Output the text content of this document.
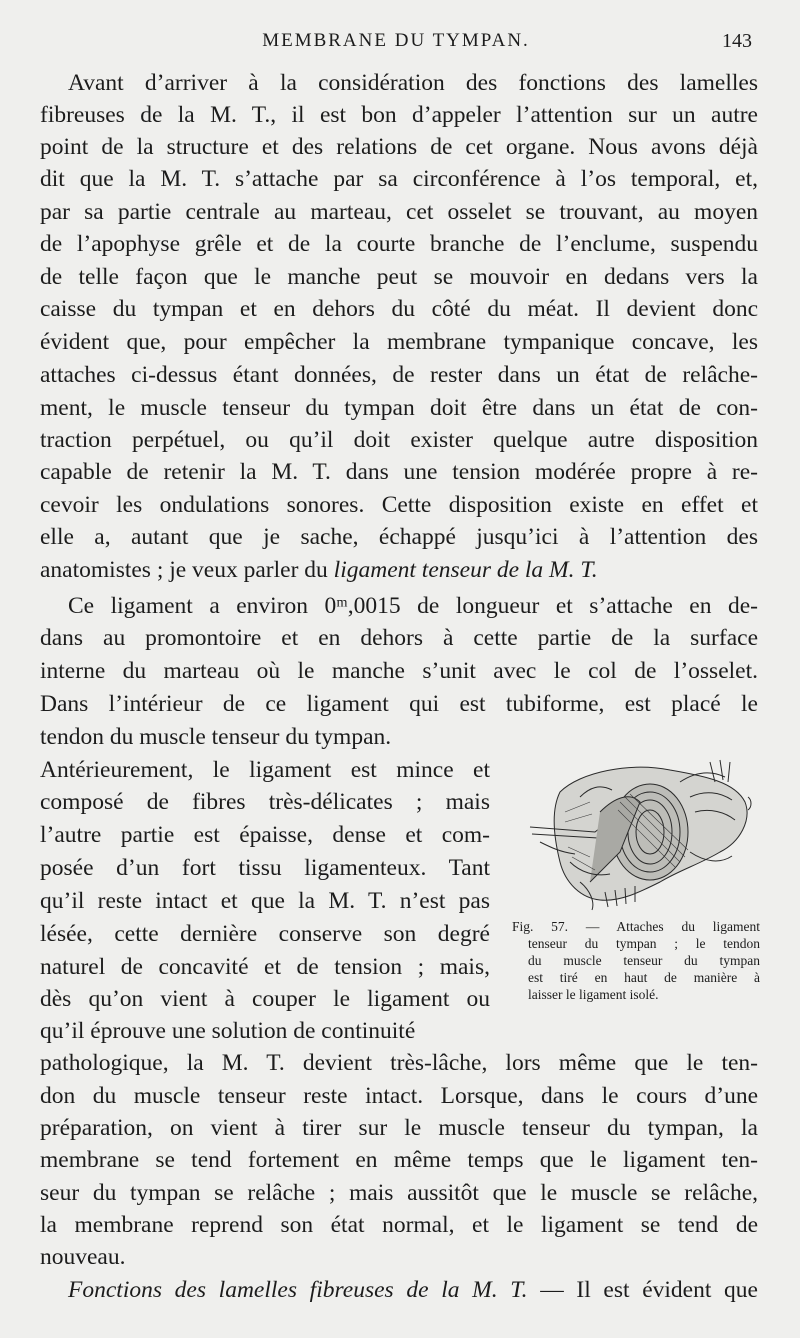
MEMBRANE DU TYMPAN.	143
Avant d’arriver à la considération des fonctions des lamelles
fibreuses de la M. T., il est bon d’appeler l’attention sur un autre
point de la structure et des relations de cet organe. Nous avons déjà
dit que la M. T. s’attache par sa circonférence à l’os temporal, et,
par sa partie centrale au marteau, cet osselet se trouvant, au moyen
de l’apophyse grêle et de la courte branche de l’enclume, suspendu
de telle façon que le manche peut se mouvoir en dedans vers la
caisse du tympan et en dehors du côté du méat. Il devient donc
évident que, pour empêcher la membrane tympanique concave, les
attaches ci-dessus étant données, de rester dans un état de relâche-
ment, le muscle tenseur du tympan doit être dans un état de con-
traction perpétuel, ou qu’il doit exister quelque autre disposition
capable de retenir la M. T. dans une tension modérée propre à re-
cevoir les ondulations sonores. Cette disposition existe en effet et
elle a, autant que je sache, échappé jusqu’ici à l’attention des
anatomistes ; je veux parler du ligament tenseur de la M. T.
Ce ligament a environ 0ᵐ,0015 de longueur et s’attache en de-
dans au promontoire et en dehors à cette partie de la surface
interne du marteau où le manche s’unit avec le col de l’osselet.
Dans l’intérieur de ce ligament qui est tubiforme, est placé le
tendon du muscle tenseur du tympan.
Antérieurement, le ligament est mince et
composé de fibres très-délicates ; mais
l’autre partie est épaisse, dense et com-
posée d’un fort tissu ligamenteux. Tant
qu’il reste intact et que la M. T. n’est pas
lésée, cette dernière conserve son degré
naturel de concavité et de tension ; mais,
dès qu’on vient à couper le ligament ou
qu’il éprouve une solution de continuité
pathologique, la M. T. devient très-lâche, lors même que le ten-
don du muscle tenseur reste intact. Lorsque, dans le cours d’une
préparation, on vient à tirer sur le muscle tenseur du tympan, la
membrane se tend fortement en même temps que le ligament ten-
seur du tympan se relâche ; mais aussitôt que le muscle se relâche,
la membrane reprend son état normal, et le ligament se tend de
nouveau.
Fonctions des lamelles fibreuses de la M. T. — Il est évident que
Fig. 57. — Attaches du ligament
tenseur du tympan ; le tendon
du muscle tenseur du tympan
est tiré en haut de manière à
laisser le ligament isolé.
